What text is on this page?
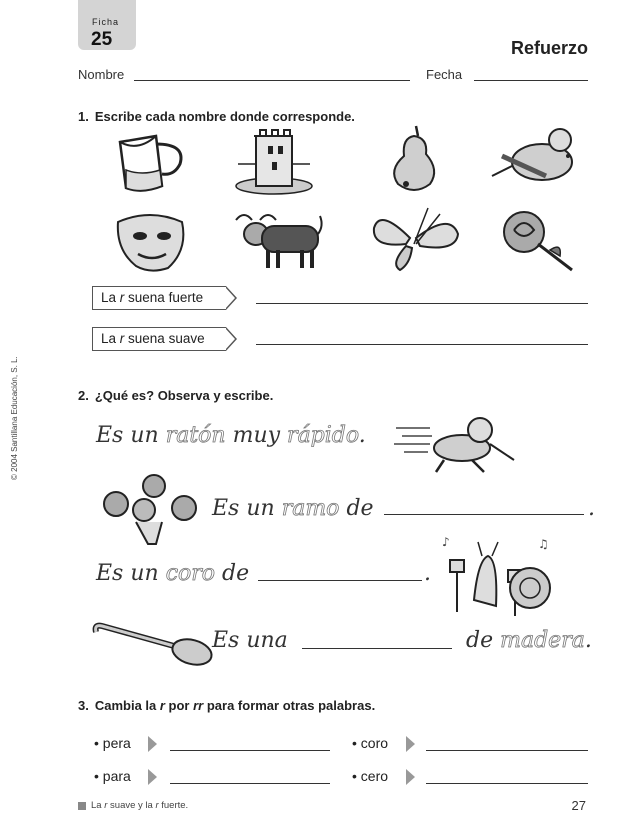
Ficha
25	Refuerzo
Nombre	Fecha
© 2004 Santillana Educación, S. L.
1. Escribe cada nombre donde corresponde.
La r suena fuerte
La r suena suave
2. ¿Qué es? Observa y escribe.
Es un ratón muy rápido.
Es un ramo de	.
Es un coro de	.
♪	♫
Es una	de madera.
3. Cambia la r por rr para formar otras palabras.
• pera	• coro
• para	• cero
La r suave y la r fuerte.	27
